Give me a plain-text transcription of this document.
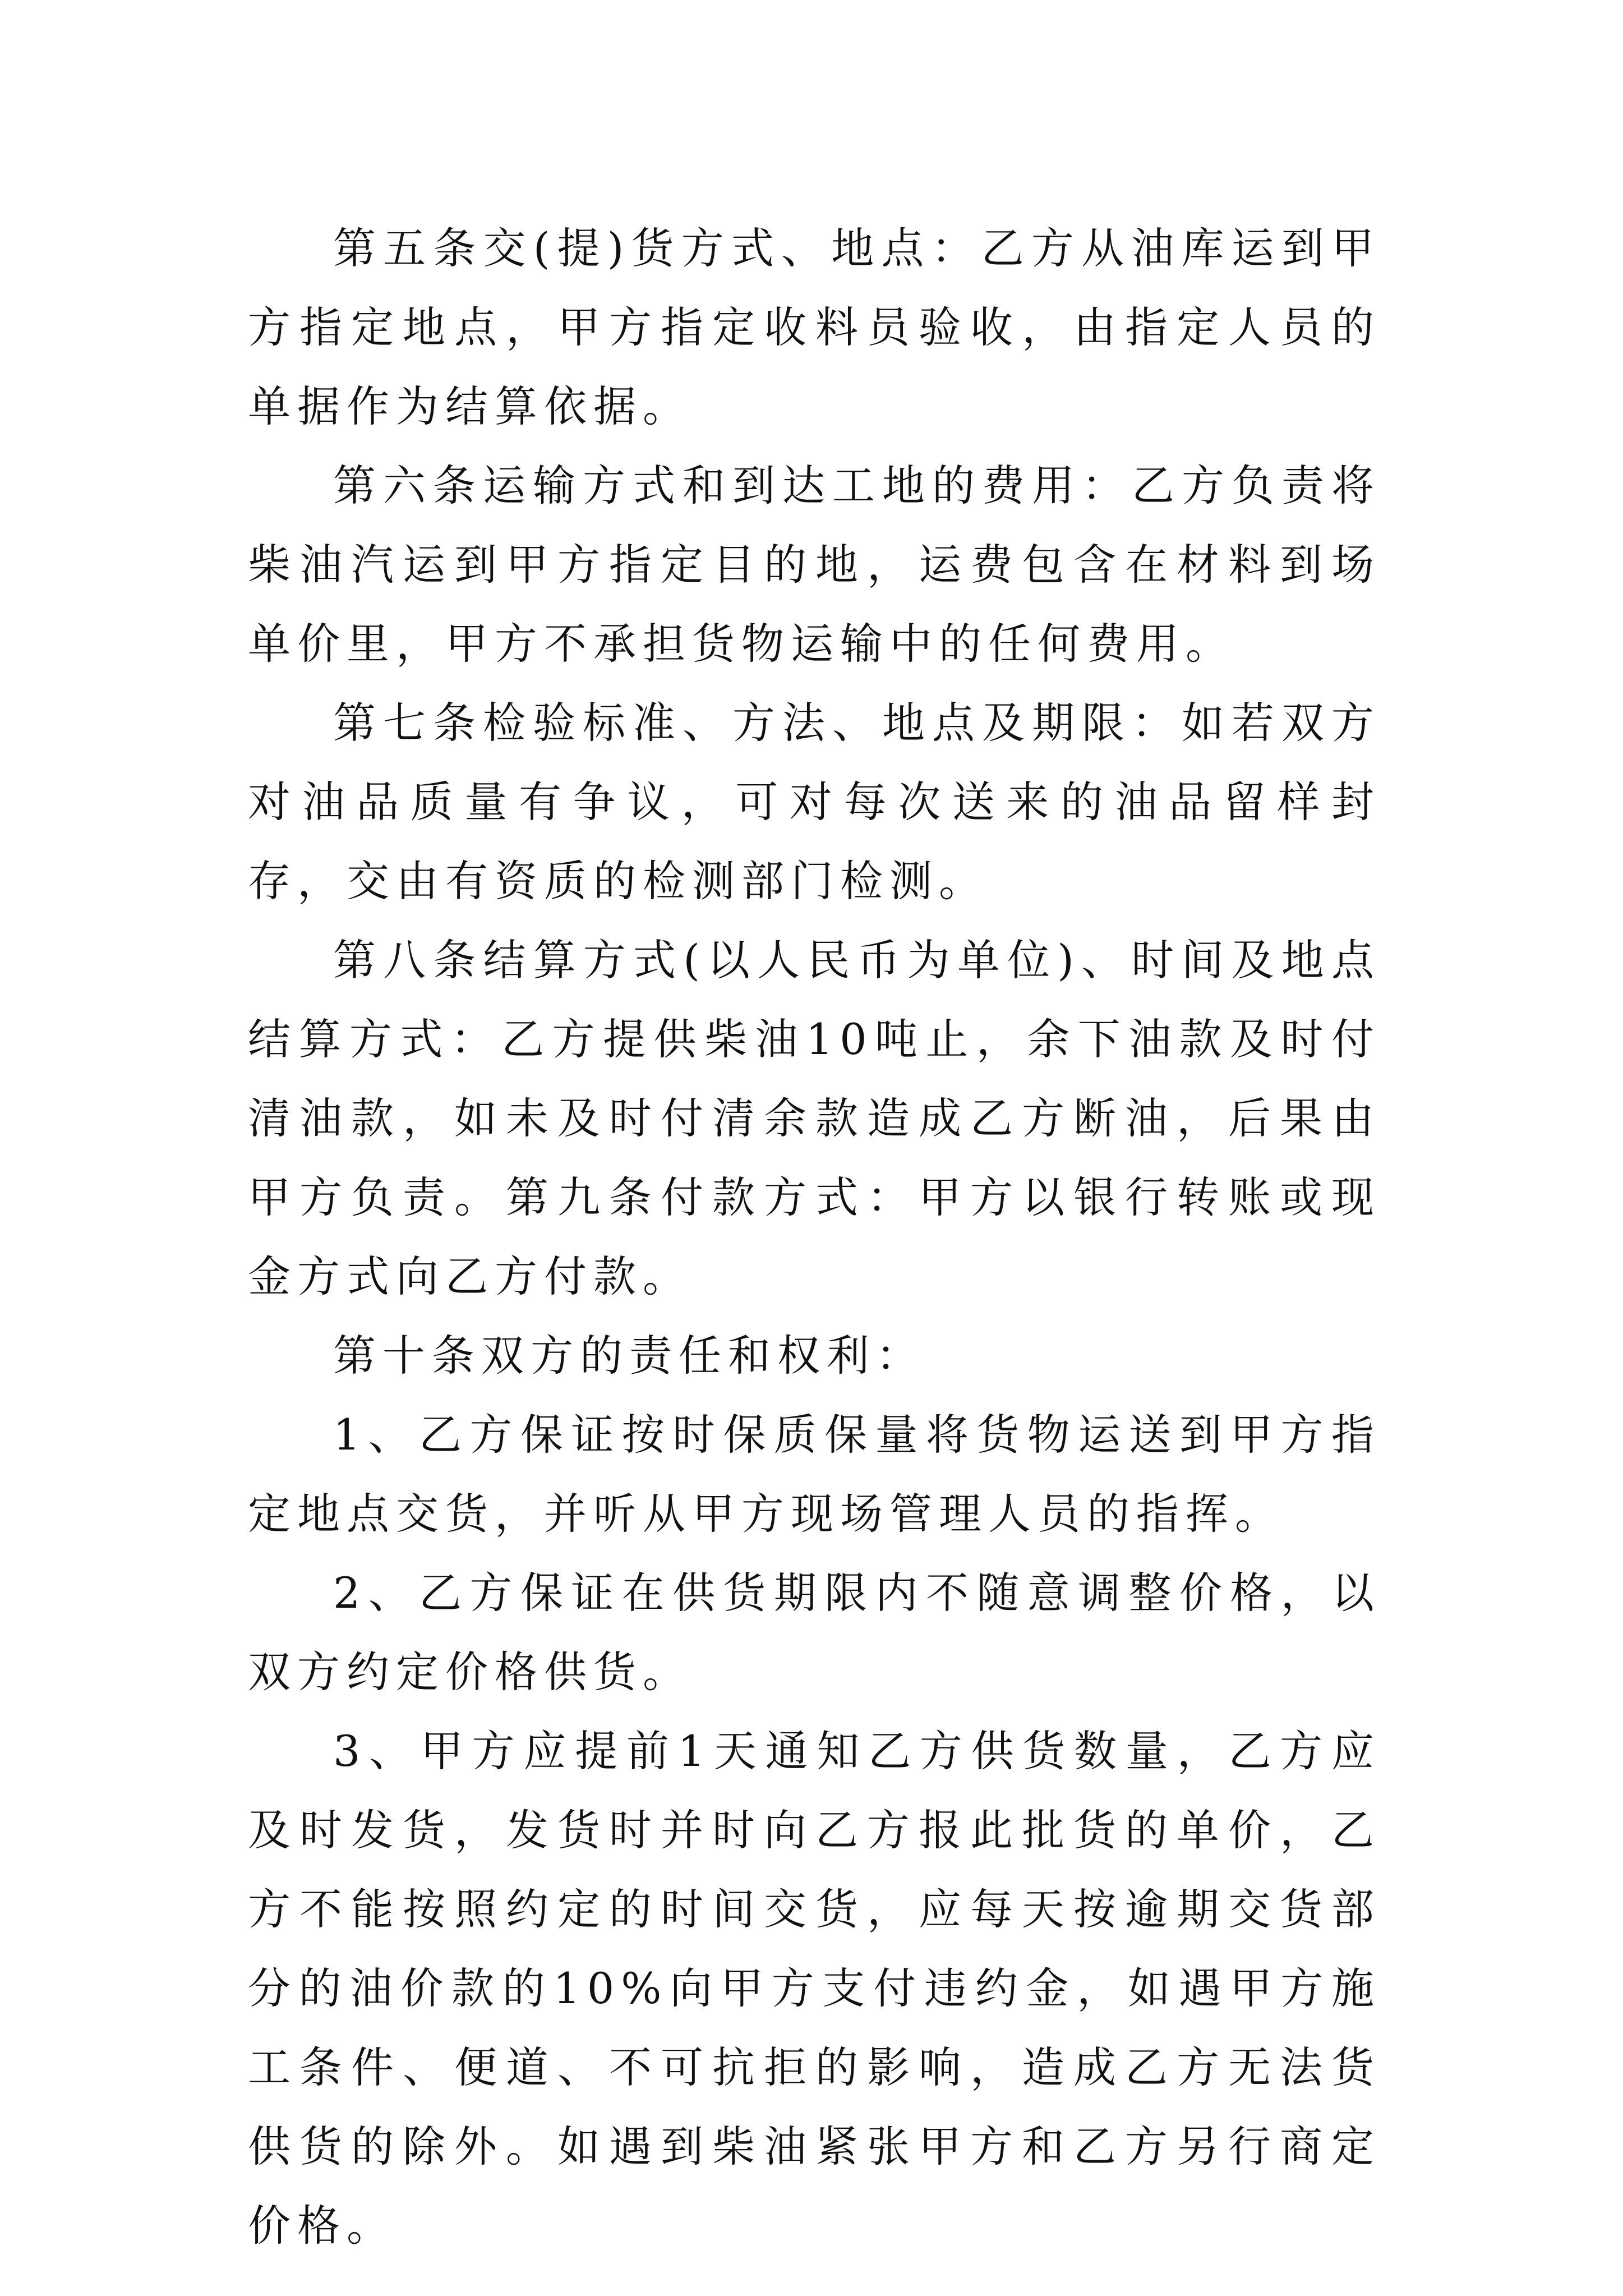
第五条交(提)货方式、地点：乙方从油库运到甲方指定地点，甲方指定收料员验收，由指定人员的单据作为结算依据。

第六条运输方式和到达工地的费用：乙方负责将柴油汽运到甲方指定目的地，运费包含在材料到场单价里，甲方不承担货物运输中的任何费用。

第七条检验标准、方法、地点及期限：如若双方对油品质量有争议，可对每次送来的油品留样封存，交由有资质的检测部门检测。

第八条结算方式(以人民币为单位)、时间及地点结算方式：乙方提供柴油10吨止，余下油款及时付清油款，如未及时付清余款造成乙方断油，后果由甲方负责。第九条付款方式：甲方以银行转账或现金方式向乙方付款。

第十条双方的责任和权利：

1、乙方保证按时保质保量将货物运送到甲方指定地点交货，并听从甲方现场管理人员的指挥。

2、乙方保证在供货期限内不随意调整价格，以双方约定价格供货。

3、甲方应提前1天通知乙方供货数量，乙方应及时发货，发货时并时向乙方报此批货的单价，乙方不能按照约定的时间交货，应每天按逾期交货部分的油价款的10%向甲方支付违约金，如遇甲方施工条件、便道、不可抗拒的影响，造成乙方无法货供货的除外。如遇到柴油紧张甲方和乙方另行商定价格。
